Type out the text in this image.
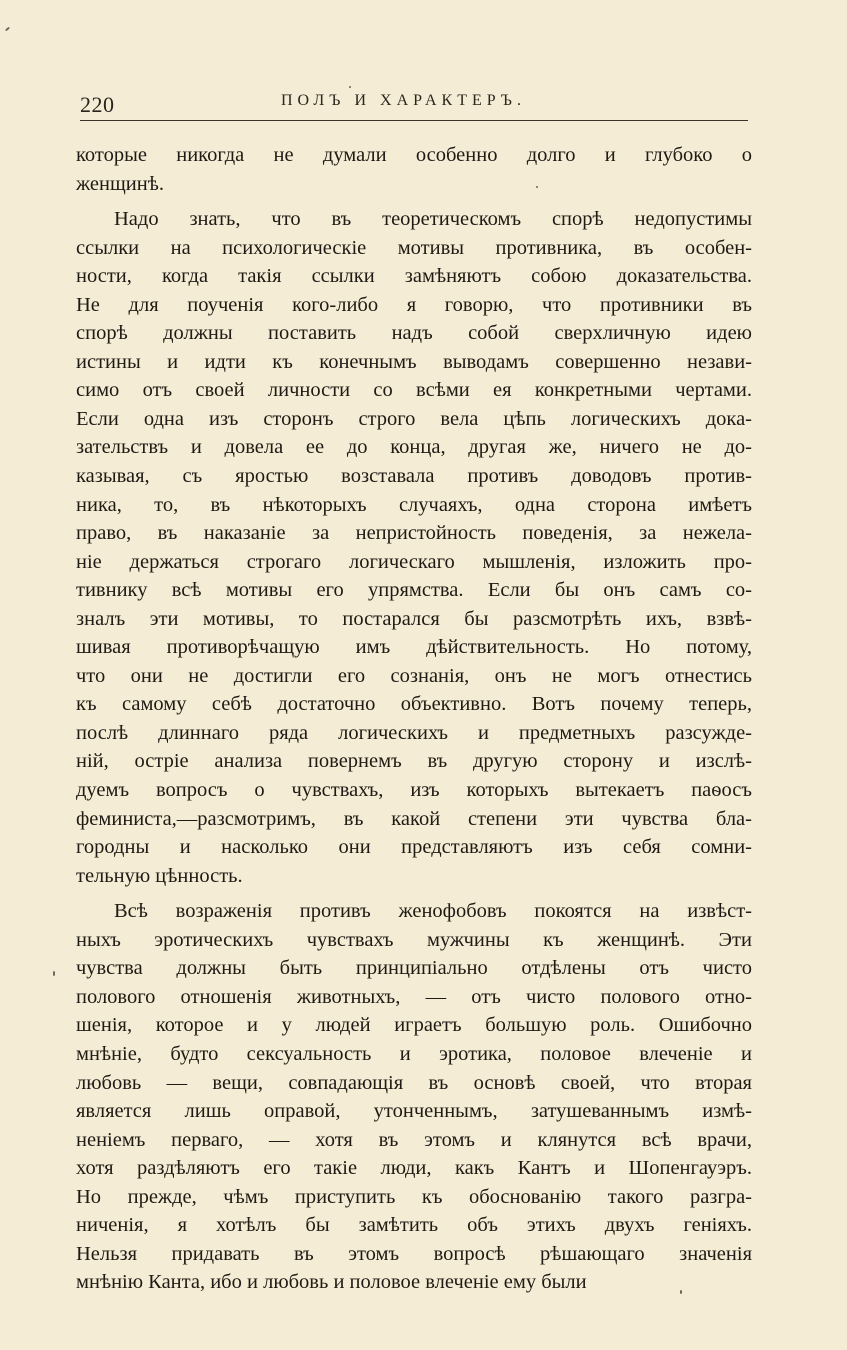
220	ПОЛЪ И ХАРАКТЕРЪ.
которые никогда не думали особенно долго и глубоко о
женщинѣ.
Надо знать, что въ теоретическомъ спорѣ недопустимы
ссылки на психологическіе мотивы противника, въ особен-
ности, когда такія ссылки замѣняютъ собою доказательства.
Не для поученія кого-либо я говорю, что противники въ
спорѣ должны поставить надъ собой сверхличную идею
истины и идти къ конечнымъ выводамъ совершенно незави-
симо отъ своей личности со всѣми ея конкретными чертами.
Если одна изъ сторонъ строго вела цѣпь логическихъ дока-
зательствъ и довела ее до конца, другая же, ничего не до-
казывая, съ яростью возставала противъ доводовъ против-
ника, то, въ нѣкоторыхъ случаяхъ, одна сторона имѣетъ
право, въ наказаніе за непристойность поведенія, за нежела-
ніе держаться строгаго логическаго мышленія, изложить про-
тивнику всѣ мотивы его упрямства. Если бы онъ самъ со-
зналъ эти мотивы, то постарался бы разсмотрѣть ихъ, взвѣ-
шивая противорѣчащую имъ дѣйствительность. Но потому,
что они не достигли его сознанія, онъ не могъ отнестись
къ самому себѣ достаточно объективно. Вотъ почему теперь,
послѣ длиннаго ряда логическихъ и предметныхъ разсужде-
ній, остріе анализа повернемъ въ другую сторону и изслѣ-
дуемъ вопросъ о чувствахъ, изъ которыхъ вытекаетъ паѳосъ
феминиста,—разсмотримъ, въ какой степени эти чувства бла-
городны и насколько они представляютъ изъ себя сомни-
тельную цѣнность.
Всѣ возраженія противъ женофобовъ покоятся на извѣст-
ныхъ эротическихъ чувствахъ мужчины къ женщинѣ. Эти
чувства должны быть принципіально отдѣлены отъ чисто
полового отношенія животныхъ, — отъ чисто полового отно-
шенія, которое и у людей играетъ большую роль. Ошибочно
мнѣніе, будто сексуальность и эротика, половое влеченіе и
любовь — вещи, совпадающія въ основѣ своей, что вторая
является лишь оправой, утонченнымъ, затушеваннымъ измѣ-
неніемъ перваго, — хотя въ этомъ и клянутся всѣ врачи,
хотя раздѣляютъ его такіе люди, какъ Кантъ и Шопенгауэръ.
Но прежде, чѣмъ приступить къ обоснованію такого разгра-
ниченія, я хотѣлъ бы замѣтить объ этихъ двухъ геніяхъ.
Нельзя придавать въ этомъ вопросѣ рѣшающаго значенія
мнѣнію Канта, ибо и любовь и половое влеченіе ему были
